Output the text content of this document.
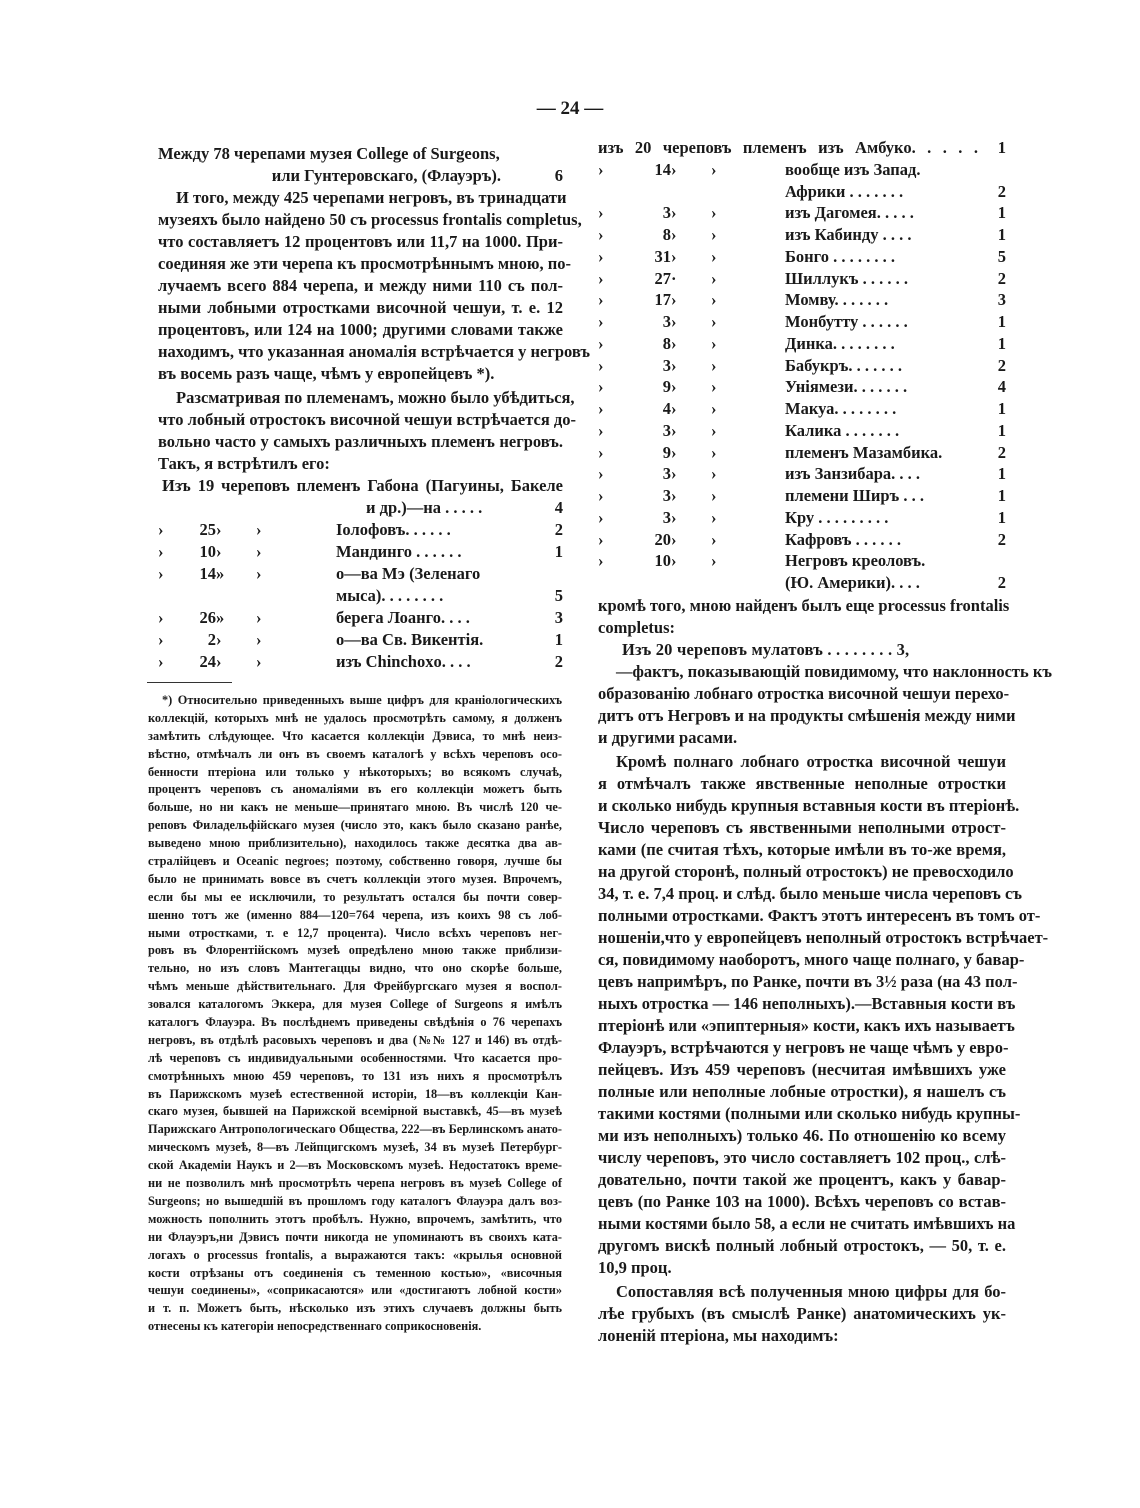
— 24 —
Между 78 черепами музея College of Surgeons,
или Гунтеровскаго, (Флауэръ).	6
И того, между 425 черепами негровъ, въ тринадцати
музеяхъ было найдено 50 съ processus frontalis completus,
что составляетъ 12 процентовъ или 11,7 на 1000. При-
соединяя же эти черепа къ просмотрѣннымъ мною, по-
лучаемъ всего 884 черепа, и между ними 110 съ пол-
ными лобными отростками височной чешуи, т. е. 12
процентовъ, или 124 на 1000; другими словами также
находимъ, что указанная аномалія встрѣчается у негровъ
въ восемь разъ чаще, чѣмъ у европейцевъ *).
Разсматривая по племенамъ, можно было убѣдиться,
что лобный отростокъ височной чешуи встрѣчается до-
вольно часто у самыхъ различныхъ племенъ негровъ.
Такъ, я встрѣтилъ его:
Изъ 19 череповъ племенъ Габона (Пагуины, Бакеле
и др.)—на . . . . .	4
›	25 ›	›	Іолофовъ. . . . . .	2
›	10 ›	›	Мандинго . . . . . .	1
›	14 »	›	о—ва Мэ (Зеленаго
мыса). . . . . . . .	5
›	26 »	›	берега Лоанго. . . .	3
›	2 ›	›	о—ва Св. Викентія.	1
›	24 ›	›	изъ Chinchoxo. . . .	2
*) Относительно приведенныхъ выше цифръ для краніологическихъ
коллекцій, которыхъ мнѣ не удалось просмотрѣть самому, я долженъ
замѣтить слѣдующее. Что касается коллекціи Дэвиса, то мнѣ неиз-
вѣстно, отмѣчалъ ли онъ въ своемъ каталогѣ у всѣхъ череповъ осо-
бенности птеріона или только у нѣкоторыхъ; во всякомъ случаѣ,
процентъ череповъ съ аномаліями въ его коллекціи можетъ быть
больше, но ни какъ не меньше—принятаго мною. Въ числѣ 120 че-
реповъ Филадельфійскаго музея (число это, какъ было сказано ранѣе,
выведено мною приблизительно), находилось также десятка два ав-
стралійцевъ и Oceanic negroes; поэтому, собственно говоря, лучше бы
было не принимать вовсе въ счетъ коллекціи этого музея. Впрочемъ,
если бы мы ее исключили, то результатъ остался бы почти совер-
шенно тотъ же (именно 884—120=764 черепа, изъ коихъ 98 съ лоб-
ными отростками, т. е 12,7 процента). Число всѣхъ череповъ нег-
ровъ въ Флорентійскомъ музеѣ опредѣлено мною также приблизи-
тельно, но изъ словъ Мантегаццы видно, что оно скорѣе больше,
чѣмъ меньше дѣйствительнаго. Для Фрейбургскаго музея я воспол-
зовался каталогомъ Эккера, для музея College of Surgeons я имѣлъ
каталогъ Флауэра. Въ послѣднемъ приведены свѣдѣнія о 76 черепахъ
негровъ, въ отдѣлѣ расовыхъ череповъ и два (№№ 127 и 146) въ отдѣ-
лѣ череповъ съ индивидуальными особенностями. Что касается про-
смотрѣнныхъ мною 459 череповъ, то 131 изъ нихъ я просмотрѣлъ
въ Парижскомъ музеѣ естественной исторіи, 18—въ коллекціи Кан-
скаго музея, бывшей на Парижской всемірной выставкѣ, 45—въ музеѣ
Парижскаго Антропологическаго Общества, 222—въ Берлинскомъ анато-
мическомъ музеѣ, 8—въ Лейпцигскомъ музеѣ, 34 въ музеѣ Петербург-
ской Академіи Наукъ и 2—въ Московскомъ музеѣ. Недостатокъ време-
ни не позволилъ мнѣ просмотрѣть черепа негровъ въ музеѣ College of
Surgeons; но вышедшій въ прошломъ году каталогъ Флауэра далъ воз-
можность пополнить этотъ пробѣлъ. Нужно, впрочемъ, замѣтить, что
ни Флауэръ,ни Дэвисъ почти никогда не упоминаютъ въ своихъ ката-
логахъ о processus frontalis, а выражаются такъ: «крылья основной
кости отрѣзаны отъ соединенія съ теменною костью», «височныя
чешуи соединены», «соприкасаются» или «достигаютъ лобной кости»
и т. п. Можетъ быть, нѣсколько изъ этихъ случаевъ должны быть
отнесены къ категоріи непосредственнаго соприкосновенія.
изъ 20 череповъ племенъ изъ Амбуко. . . . .	1
›	14 ›	›	вообще изъ Запад.
Африки . . . . . . .	2
›	3 ›	›	изъ Дагомея. . . . .	1
›	8 ›	›	изъ Кабинду . . . .	1
›	31 ›	›	Бонго . . . . . . . .	5
›	27 ·	›	Шиллукъ . . . . . .	2
›	17 ›	›	Момву. . . . . . .	3
›	3 ›	›	Монбутту . . . . . .	1
›	8 ›	›	Динка. . . . . . . .	1
›	3 ›	›	Бабукръ. . . . . . .	2
›	9 ›	›	Уніямези. . . . . . .	4
›	4 ›	›	Макуа. . . . . . . .	1
›	3 ›	›	Калика . . . . . . .	1
›	9 ›	›	племенъ Мазамбика.	2
›	3 ›	›	изъ Занзибара. . . .	1
›	3 ›	›	племени Ширъ . . .	1
›	3 ›	›	Кру . . . . . . . . .	1
›	20 ›	›	Кафровъ . . . . . .	2
›	10 ›	›	Негровъ креоловъ.
(Ю. Америки). . . .	2
кромѣ того, мною найденъ былъ еще processus frontalis
completus:
Изъ 20 череповъ мулатовъ . . . . . . . . 3,
—фактъ, показывающій повидимому, что наклонность къ
образованію лобнаго отростка височной чешуи перехо-
дитъ отъ Негровъ и на продукты смѣшенія между ними
и другими расами.
Кромѣ полнаго лобнаго отростка височной чешуи
я отмѣчалъ также явственные неполные отростки
и сколько нибудь крупныя вставныя кости въ птеріонѣ.
Число череповъ съ явственными неполными отрост-
ками (пе считая тѣхъ, которые имѣли въ то-же время,
на другой сторонѣ, полный отростокъ) не превосходило
34, т. е. 7,4 проц. и слѣд. было меньше числа череповъ съ
полными отростками. Фактъ этотъ интересенъ въ томъ от-
ношеніи,что у европейцевъ неполный отростокъ встрѣчает-
ся, повидимому наоборотъ, много чаще полнаго, у бавар-
цевъ напримѣръ, по Ранке, почти въ 3½ раза (на 43 пол-
ныхъ отростка — 146 неполныхъ).—Вставныя кости въ
птеріонѣ или «эпиптерныя» кости, какъ ихъ называетъ
Флауэръ, встрѣчаются у негровъ не чаще чѣмъ у евро-
пейцевъ. Изъ 459 череповъ (несчитая имѣвшихъ уже
полные или неполные лобные отростки), я нашелъ съ
такими костями (полными или сколько нибудь крупны-
ми изъ неполныхъ) только 46. По отношенію ко всему
числу череповъ, это число составляетъ 102 проц., слѣ-
довательно, почти такой же процентъ, какъ у бавар-
цевъ (по Ранке 103 на 1000). Всѣхъ череповъ со встав-
ными костями было 58, а если не считать имѣвшихъ на
другомъ вискѣ полный лобный отростокъ, — 50, т. е.
10,9 проц.
Сопоставляя всѣ полученныя мною цифры для бо-
лѣе грубыхъ (въ смыслѣ Ранке) анатомическихъ ук-
лоненій птеріона, мы находимъ:
